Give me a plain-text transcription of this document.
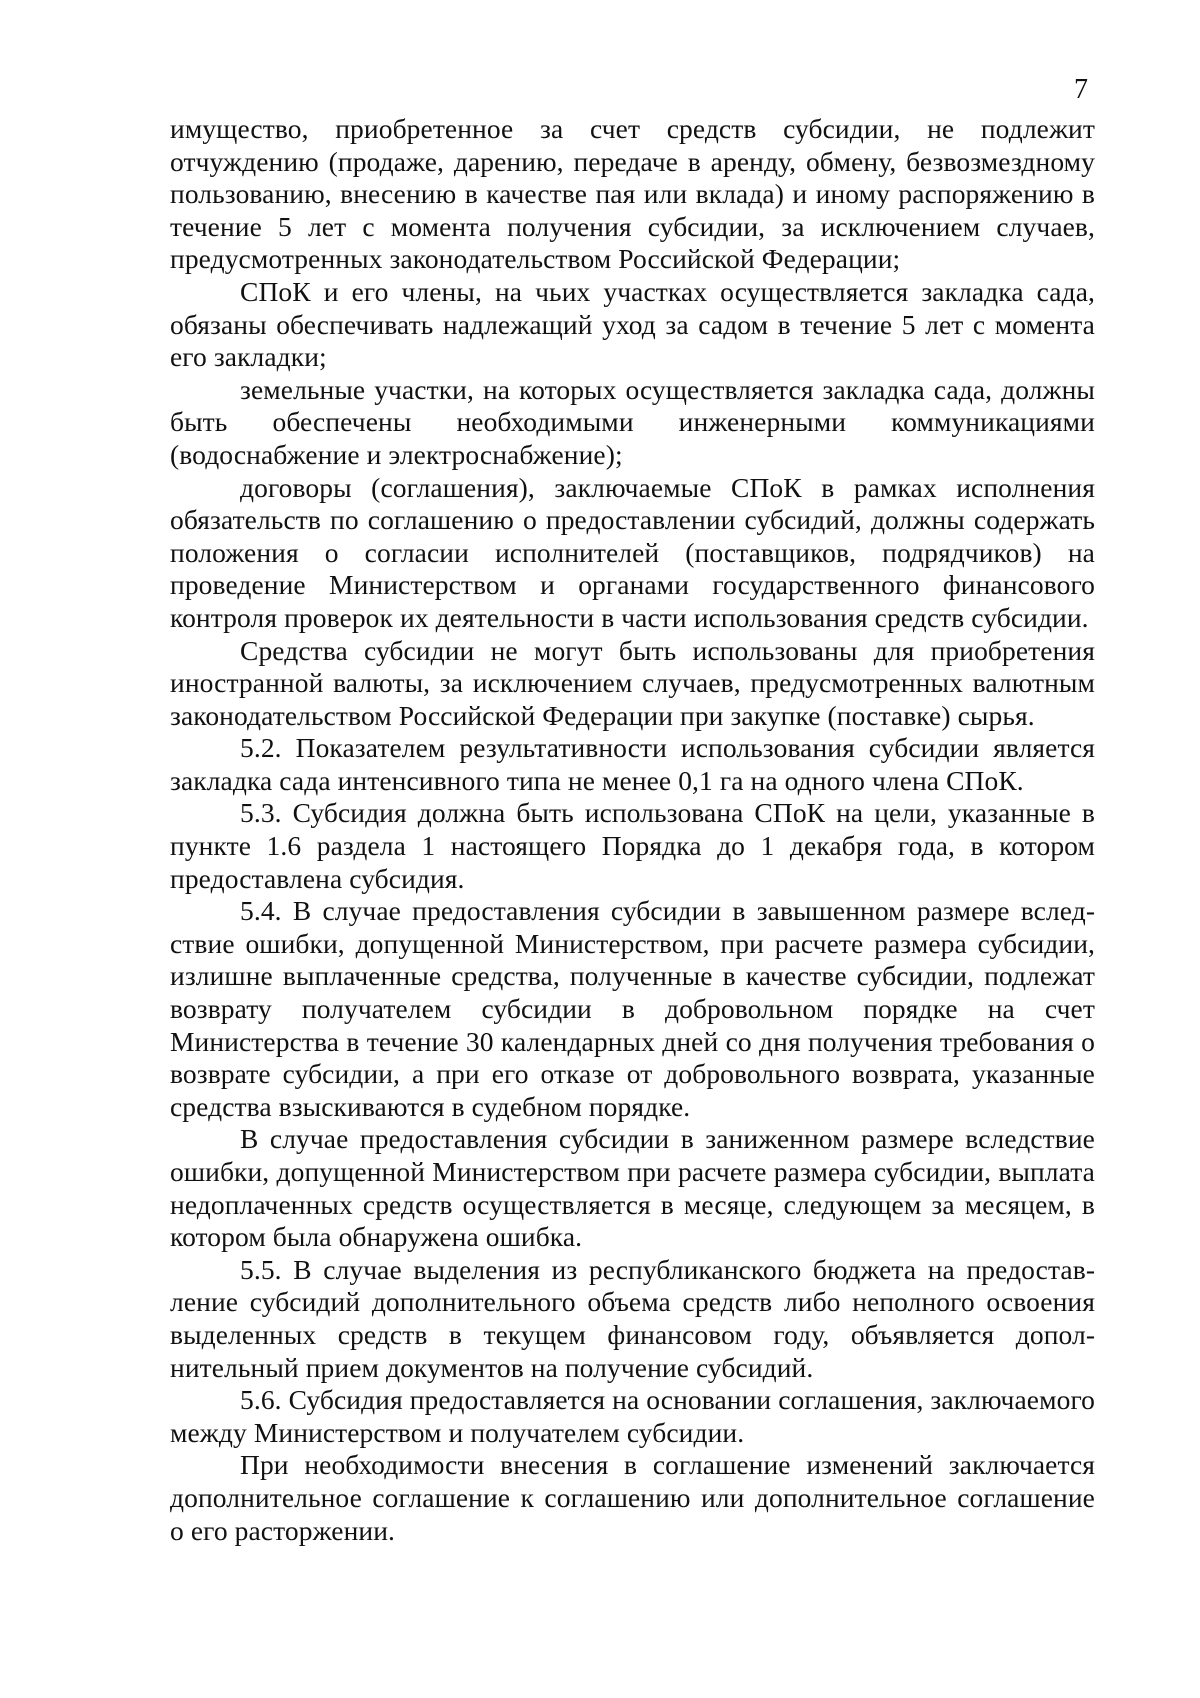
7

имущество, приобретенное за счет средств субсидии, не подлежит отчуждению (продаже, дарению, передаче в аренду, обмену, безвозмездному пользованию, внесению в качестве пая или вклада) и иному распоряжению в течение 5 лет с момента получения субсидии, за исключением случаев, предусмотренных законодательством Российской Федерации;

СПоК и его члены, на чьих участках осуществляется закладка сада, обязаны обеспечивать надлежащий уход за садом в течение 5 лет с момента его закладки;

земельные участки, на которых осуществляется закладка сада, должны быть обеспечены необходимыми инженерными коммуникациями (водоснабжение и электроснабжение);

договоры (соглашения), заключаемые СПоК в рамках исполнения обязательств по соглашению о предоставлении субсидий, должны содержать положения о согласии исполнителей (поставщиков, подрядчиков) на проведение Министерством и органами государственного финансового контроля проверок их деятельности в части использования средств субсидии.

Средства субсидии не могут быть использованы для приобретения иностранной валюты, за исключением случаев, предусмотренных валютным законодательством Российской Федерации при закупке (поставке) сырья.

5.2. Показателем результативности использования субсидии является закладка сада интенсивного типа не менее 0,1 га на одного члена СПоК.

5.3. Субсидия должна быть использована СПоК на цели, указанные в пункте 1.6 раздела 1 настоящего Порядка до 1 декабря года, в котором предоставлена субсидия.

5.4. В случае предоставления субсидии в завышенном размере вследствие ошибки, допущенной Министерством, при расчете размера субсидии, излишне выплаченные средства, полученные в качестве субсидии, подлежат возврату получателем субсидии в добровольном порядке на счет Министерства в течение 30 календарных дней со дня получения требования о возврате субсидии, а при его отказе от добровольного возврата, указанные средства взыскиваются в судебном порядке.

В случае предоставления субсидии в заниженном размере вследствие ошибки, допущенной Министерством при расчете размера субсидии, выплата недоплаченных средств осуществляется в месяце, следующем за месяцем, в котором была обнаружена ошибка.

5.5. В случае выделения из республиканского бюджета на предоставление субсидий дополнительного объема средств либо неполного освоения выделенных средств в текущем финансовом году, объявляется дополнительный прием документов на получение субсидий.

5.6. Субсидия предоставляется на основании соглашения, заключаемого между Министерством и получателем субсидии.

При необходимости внесения в соглашение изменений заключается дополнительное соглашение к соглашению или дополнительное соглашение о его расторжении.
